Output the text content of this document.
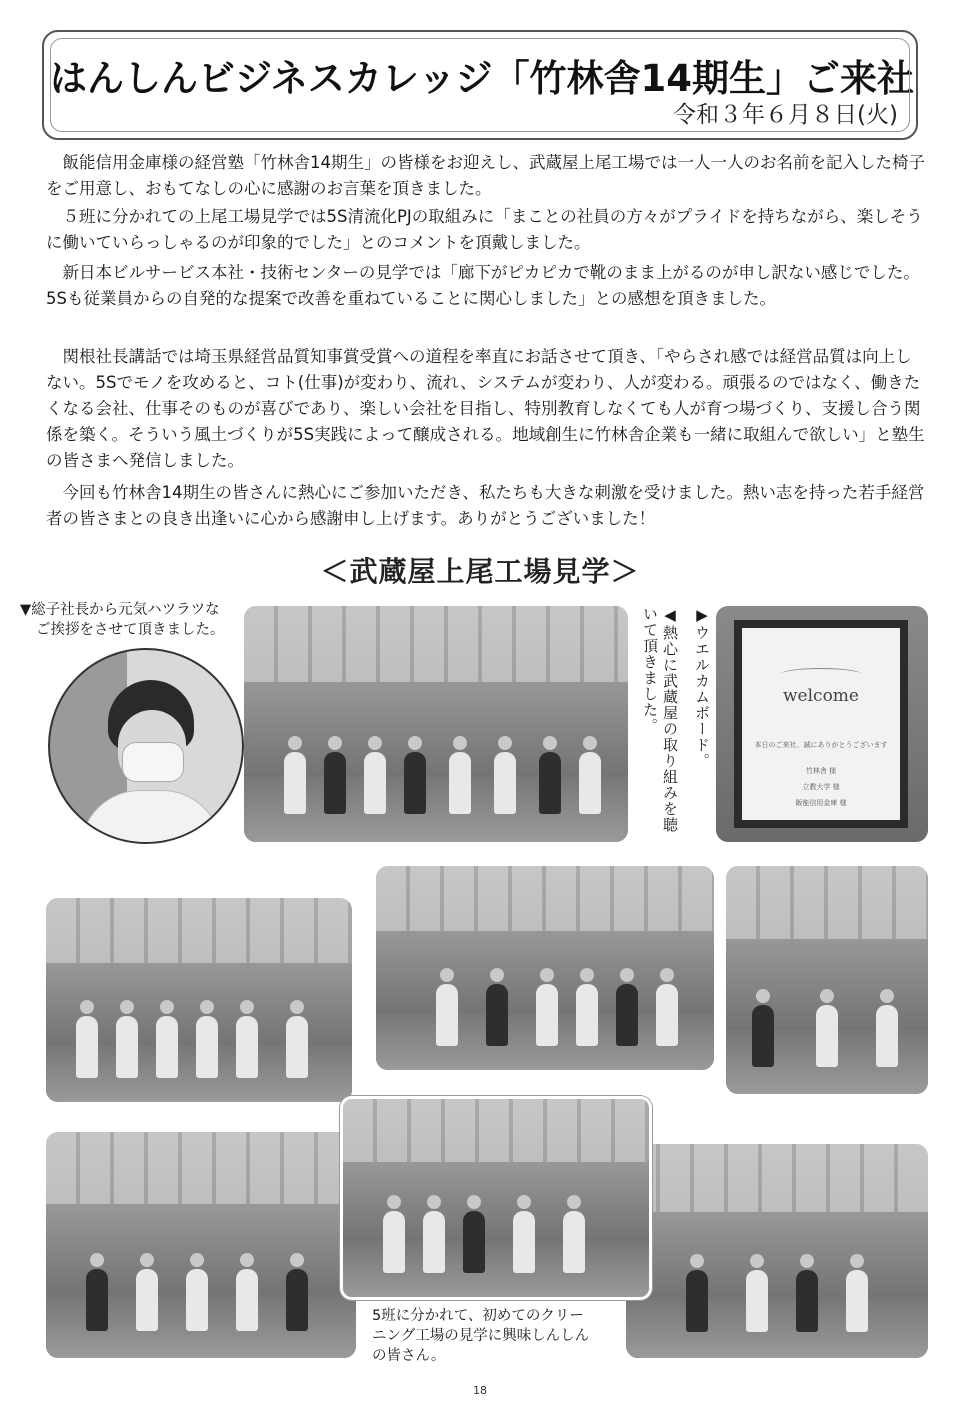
はんしんビジネスカレッジ「竹林舎14期生」ご来社
令和３年６月８日(火)

飯能信用金庫様の経営塾「竹林舎14期生」の皆様をお迎えし、武蔵屋上尾工場では一人一人のお名前を記入した椅子をご用意し、おもてなしの心に感謝のお言葉を頂きました。

５班に分かれての上尾工場見学では5S清流化PJの取組みに「まことの社員の方々がプライドを持ちながら、楽しそうに働いていらっしゃるのが印象的でした」とのコメントを頂戴しました。

新日本ビルサービス本社・技術センターの見学では「廊下がピカピカで靴のまま上がるのが申し訳ない感じでした。5Sも従業員からの自発的な提案で改善を重ねていることに関心しました」との感想を頂きました。

関根社長講話では埼玉県経営品質知事賞受賞への道程を率直にお話させて頂き、「やらされ感では経営品質は向上しない。5Sでモノを攻めると、コト(仕事)が変わり、流れ、システムが変わり、人が変わる。頑張るのではなく、働きたくなる会社、仕事そのものが喜びであり、楽しい会社を目指し、特別教育しなくても人が育つ場づくり、支援し合う関係を築く。そういう風土づくりが5S実践によって醸成される。地域創生に竹林舎企業も一緒に取組んで欲しい」と塾生の皆さまへ発信しました。

今回も竹林舎14期生の皆さんに熱心にご参加いただき、私たちも大きな刺激を受けました。熱い志を持った若手経営者の皆さまとの良き出逢いに心から感謝申し上げます。ありがとうございました！

＜武蔵屋上尾工場見学＞
▼総子社長から元気ハツラツな
ご挨拶をさせて頂きました。	◀熱心に武蔵屋の取り組みを聴いて頂きました。	▶ウエルカムボード。	welcome
本日のご来社、誠にありがとうございます
竹林舎 様
立教大学 様
飯能信用金庫 様
5班に分かれて、初めてのクリー
ニング工場の見学に興味しんしん
の皆さん。
18
